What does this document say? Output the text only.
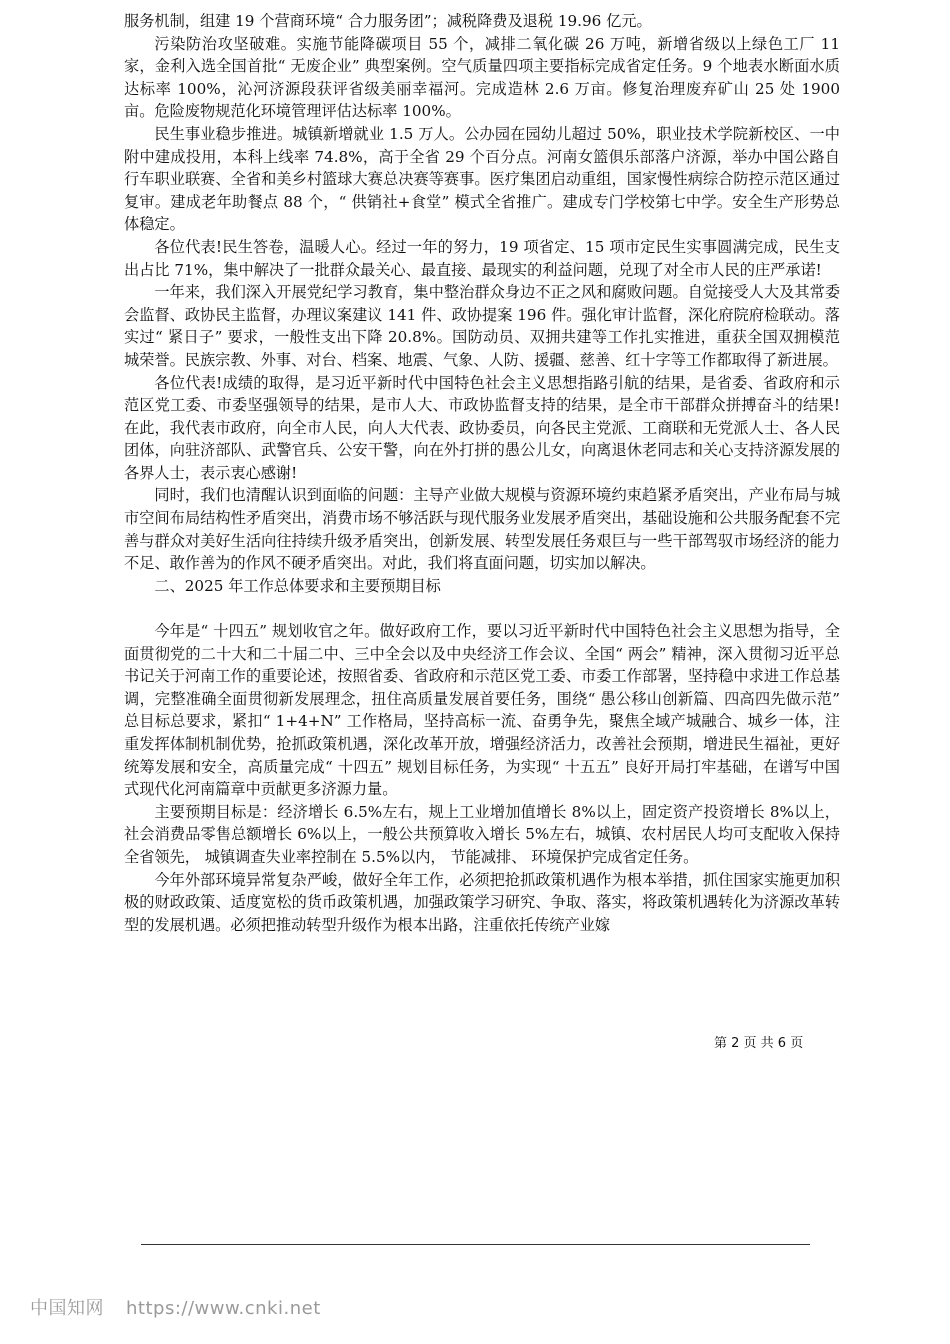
服务机制，组建 19 个营商环境“ 合力服务团”；减税降费及退税 19.96 亿元。

污染防治攻坚破难。实施节能降碳项目 55 个，减排二氧化碳 26 万吨，新增省级以上绿色工厂 11 家，金利入选全国首批“ 无废企业” 典型案例。空气质量四项主要指标完成省定任务。9 个地表水断面水质达标率 100%，沁河济源段获评省级美丽幸福河。完成造林 2.6 万亩。修复治理废弃矿山 25 处 1900 亩。危险废物规范化环境管理评估达标率 100%。

民生事业稳步推进。城镇新增就业 1.5 万人。公办园在园幼儿超过 50%，职业技术学院新校区、一中附中建成投用，本科上线率 74.8%，高于全省 29 个百分点。河南女篮俱乐部落户济源，举办中国公路自行车职业联赛、全省和美乡村篮球大赛总决赛等赛事。医疗集团启动重组，国家慢性病综合防控示范区通过复审。建成老年助餐点 88 个，“ 供销社+食堂” 模式全省推广。建成专门学校第七中学。安全生产形势总体稳定。

各位代表!民生答卷，温暖人心。经过一年的努力，19 项省定、15 项市定民生实事圆满完成，民生支出占比 71%，集中解决了一批群众最关心、最直接、最现实的利益问题，兑现了对全市人民的庄严承诺!

一年来，我们深入开展党纪学习教育，集中整治群众身边不正之风和腐败问题。自觉接受人大及其常委会监督、政协民主监督，办理议案建议 141 件、政协提案 196 件。强化审计监督，深化府院府检联动。落实过“ 紧日子” 要求，一般性支出下降 20.8%。国防动员、双拥共建等工作扎实推进，重获全国双拥模范城荣誉。民族宗教、外事、对台、档案、地震、气象、人防、援疆、慈善、红十字等工作都取得了新进展。

各位代表!成绩的取得，是习近平新时代中国特色社会主义思想指路引航的结果，是省委、省政府和示范区党工委、市委坚强领导的结果，是市人大、市政协监督支持的结果，是全市干部群众拼搏奋斗的结果!在此，我代表市政府，向全市人民，向人大代表、政协委员，向各民主党派、工商联和无党派人士、各人民团体，向驻济部队、武警官兵、公安干警，向在外打拼的愚公儿女，向离退休老同志和关心支持济源发展的各界人士，表示衷心感谢!

同时，我们也清醒认识到面临的问题：主导产业做大规模与资源环境约束趋紧矛盾突出，产业布局与城市空间布局结构性矛盾突出，消费市场不够活跃与现代服务业发展矛盾突出，基础设施和公共服务配套不完善与群众对美好生活向往持续升级矛盾突出，创新发展、转型发展任务艰巨与一些干部驾驭市场经济的能力不足、敢作善为的作风不硬矛盾突出。对此，我们将直面问题，切实加以解决。

二、2025 年工作总体要求和主要预期目标

今年是“ 十四五” 规划收官之年。做好政府工作，要以习近平新时代中国特色社会主义思想为指导，全面贯彻党的二十大和二十届二中、三中全会以及中央经济工作会议、全国“ 两会” 精神，深入贯彻习近平总书记关于河南工作的重要论述，按照省委、省政府和示范区党工委、市委工作部署，坚持稳中求进工作总基调，完整准确全面贯彻新发展理念，扭住高质量发展首要任务，围绕“ 愚公移山创新篇、四高四先做示范” 总目标总要求，紧扣“ 1+4+N” 工作格局，坚持高标一流、奋勇争先，聚焦全域产城融合、城乡一体，注重发挥体制机制优势，抢抓政策机遇，深化改革开放，增强经济活力，改善社会预期，增进民生福祉，更好统筹发展和安全，高质量完成“ 十四五” 规划目标任务，为实现“ 十五五” 良好开局打牢基础，在谱写中国式现代化河南篇章中贡献更多济源力量。

主要预期目标是：经济增长 6.5%左右，规上工业增加值增长 8%以上，固定资产投资增长 8%以上，社会消费品零售总额增长 6%以上，一般公共预算收入增长 5%左右，城镇、农村居民人均可支配收入保持全省领先， 城镇调查失业率控制在 5.5%以内， 节能减排、 环境保护完成省定任务。

今年外部环境异常复杂严峻，做好全年工作，必须把抢抓政策机遇作为根本举措，抓住国家实施更加积极的财政政策、适度宽松的货币政策机遇，加强政策学习研究、争取、落实，将政策机遇转化为济源改革转型的发展机遇。必须把推动转型升级作为根本出路，注重依托传统产业嫁

第 2 页 共 6 页
中国知网 https://www.cnki.net
